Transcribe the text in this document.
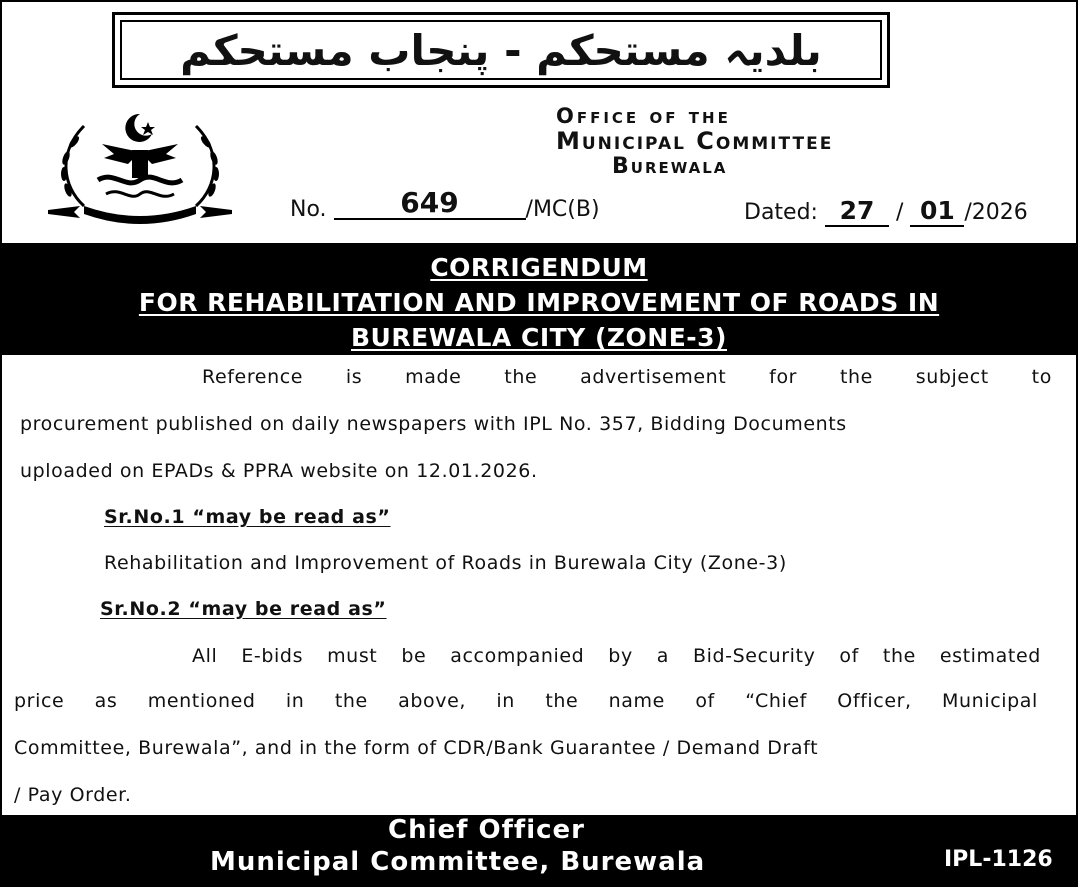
بلدیہ مستحکم - پنجاب مستحکم
Office of the
Municipal Committee
Burewala
No.	649	/MC(B)	Dated: 27 / 01 /2026
CORRIGENDUM
FOR REHABILITATION AND IMPROVEMENT OF ROADS IN
BUREWALA CITY (ZONE-3)
Reference is made the advertisement for the subject to
procurement published on daily newspapers with IPL No. 357, Bidding Documents
uploaded on EPADs & PPRA website on 12.01.2026.
Sr.No.1 “may be read as”
Rehabilitation and Improvement of Roads in Burewala City (Zone-3)
Sr.No.2 “may be read as”
All E-bids must be accompanied by a Bid-Security of the estimated
price as mentioned in the above, in the name of “Chief Officer, Municipal
Committee, Burewala”, and in the form of CDR/Bank Guarantee / Demand Draft
/ Pay Order.
Chief Officer
Municipal Committee, Burewala	IPL-1126
